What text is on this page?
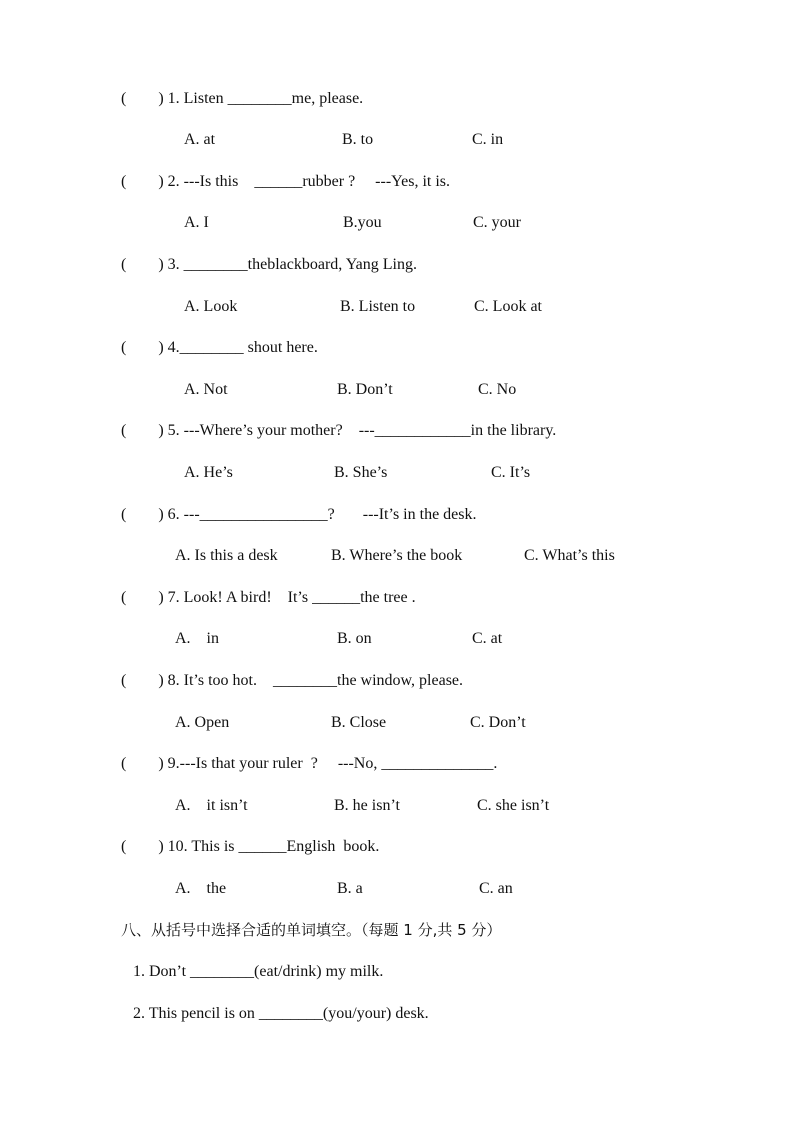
(        ) 1. Listen ________me, please.
A. at	B. to	C. in
(        ) 2. ---Is this    ______rubber ?     ---Yes, it is.
A. I	B.you	C. your
(        ) 3. ________theblackboard, Yang Ling.
A. Look	B. Listen to	C. Look at
(        ) 4.________ shout here.
A. Not	B. Don’t	C. No
(        ) 5. ---Where’s your mother?    ---____________in the library.
A. He’s	B. She’s	C. It’s
(        ) 6. ---________________?       ---It’s in the desk.
A. Is this a desk	B. Where’s the book	C. What’s this
(        ) 7. Look! A bird!    It’s ______the tree .
A.    in	B. on	C. at
(        ) 8. It’s too hot.    ________the window, please.
A. Open	B. Close	C. Don’t
(        ) 9.---Is that your ruler  ?     ---No, ______________.
A.    it isn’t	B. he isn’t	C. she isn’t
(        ) 10. This is ______English  book.
A.    the	B. a	C. an
八、从括号中选择合适的单词填空。（每题 1 分,共 5 分）
1. Don’t ________(eat/drink) my milk.
2. This pencil is on ________(you/your) desk.
